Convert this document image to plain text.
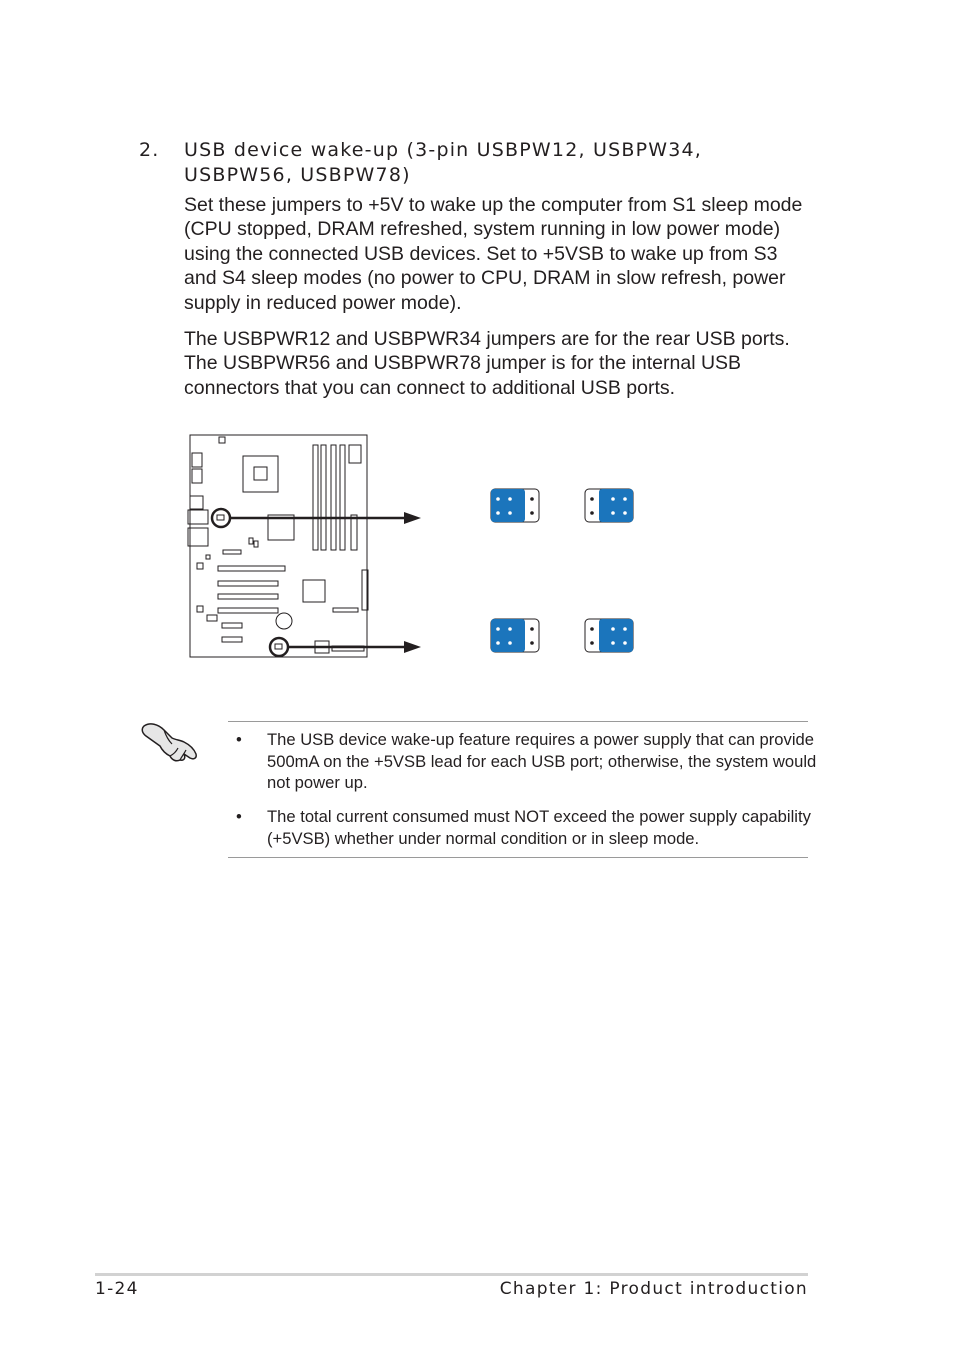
2. USB device wake-up (3-pin USBPW12, USBPW34, USBPW56, USBPW78)

Set these jumpers to +5V to wake up the computer from S1 sleep mode (CPU stopped, DRAM refreshed, system running in low power mode) using the connected USB devices. Set to +5VSB to wake up from S3 and S4 sleep modes (no power to CPU, DRAM in slow refresh, power supply in reduced power mode).

The USBPWR12 and USBPWR34 jumpers are for the rear USB ports. The USBPWR56 and USBPWR78 jumper is for the internal USB connectors that you can connect to additional USB ports.

• The USB device wake-up feature requires a power supply that can provide 500mA on the +5VSB lead for each USB port; otherwise, the system would not power up.
• The total current consumed must NOT exceed the power supply capability (+5VSB) whether under normal condition or in sleep mode.
1-24	Chapter 1: Product introduction
